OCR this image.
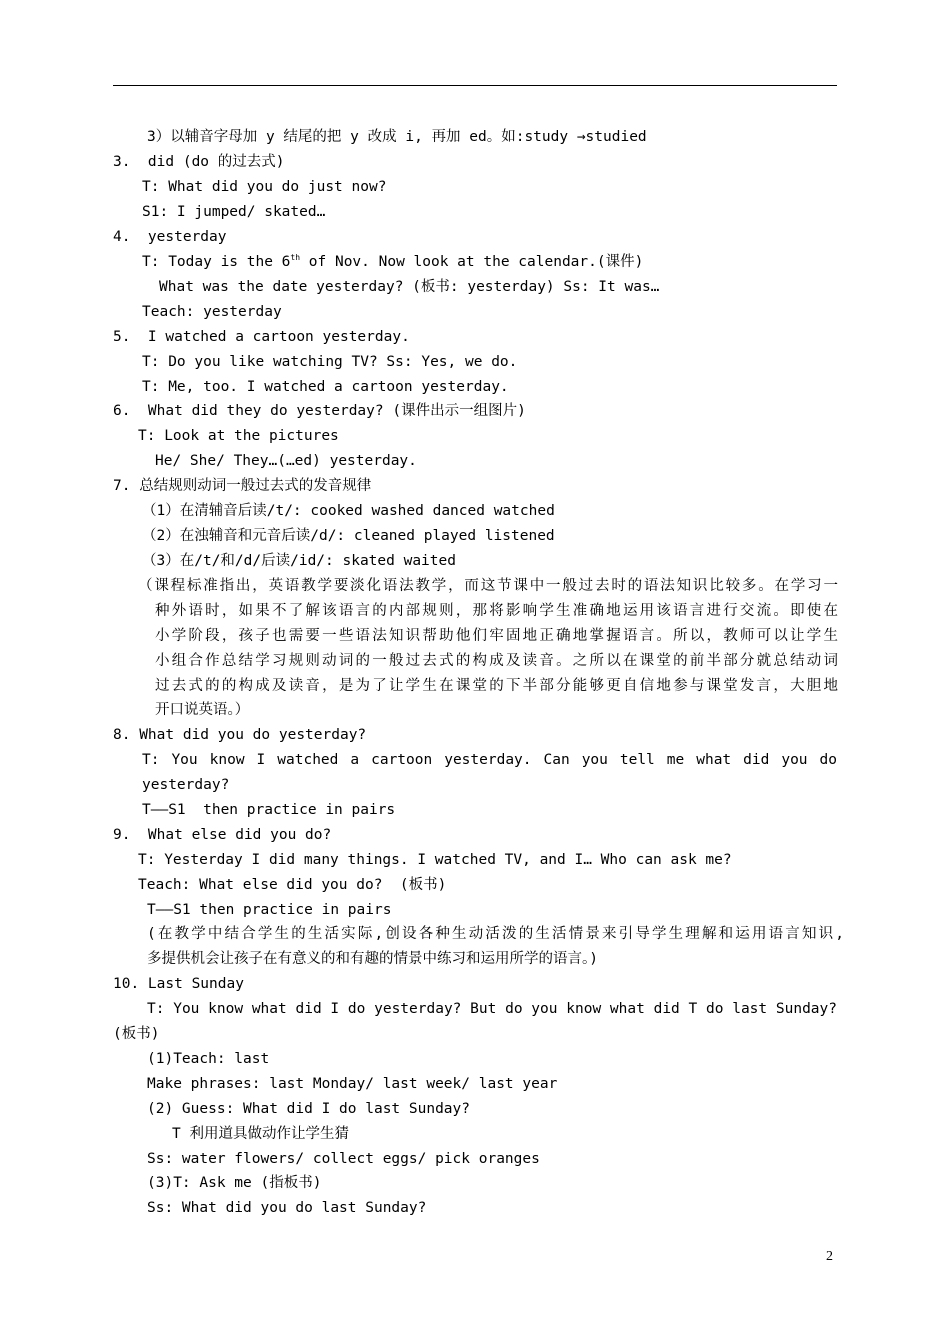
3）以辅音字母加 y 结尾的把 y 改成 i, 再加 ed。如:study →studied
3.  did (do 的过去式)
T: What did you do just now?
S1: I jumped/ skated…
4.  yesterday
T: Today is the 6th of Nov. Now look at the calendar.(课件)
What was the date yesterday? (板书: yesterday) Ss: It was…
Teach: yesterday
5.  I watched a cartoon yesterday.
T: Do you like watching TV? Ss: Yes, we do.
T: Me, too. I watched a cartoon yesterday.
6.  What did they do yesterday? (课件出示一组图片)
T: Look at the pictures
He/ She/ They…(…ed) yesterday.
7. 总结规则动词一般过去式的发音规律
（1）在清辅音后读/t/: cooked washed danced watched
（2）在浊辅音和元音后读/d/: cleaned played listened
（3）在/t/和/d/后读/id/: skated waited
（课程标准指出，英语教学要淡化语法教学，而这节课中一般过去时的语法知识比较多。在学习一
种外语时，如果不了解该语言的内部规则，那将影响学生准确地运用该语言进行交流。即使在
小学阶段，孩子也需要一些语法知识帮助他们牢固地正确地掌握语言。所以，教师可以让学生
小组合作总结学习规则动词的一般过去式的构成及读音。之所以在课堂的前半部分就总结动词
过去式的的构成及读音，是为了让学生在课堂的下半部分能够更自信地参与课堂发言，大胆地
开口说英语。）
8. What did you do yesterday?
T: You know I watched a cartoon yesterday. Can you tell me what did you do
yesterday?
T——S1  then practice in pairs
9.  What else did you do?
T: Yesterday I did many things. I watched TV, and I… Who can ask me?
Teach: What else did you do?  (板书)
T——S1 then practice in pairs
(在教学中结合学生的生活实际,创设各种生动活泼的生活情景来引导学生理解和运用语言知识,
多提供机会让孩子在有意义的和有趣的情景中练习和运用所学的语言。)
10. Last Sunday
T: You know what did I do yesterday? But do you know what did T do last Sunday?
(板书)
(1)Teach: last
Make phrases: last Monday/ last week/ last year
(2) Guess: What did I do last Sunday?
T 利用道具做动作让学生猜
Ss: water flowers/ collect eggs/ pick oranges
(3)T: Ask me (指板书)
Ss: What did you do last Sunday?
2
